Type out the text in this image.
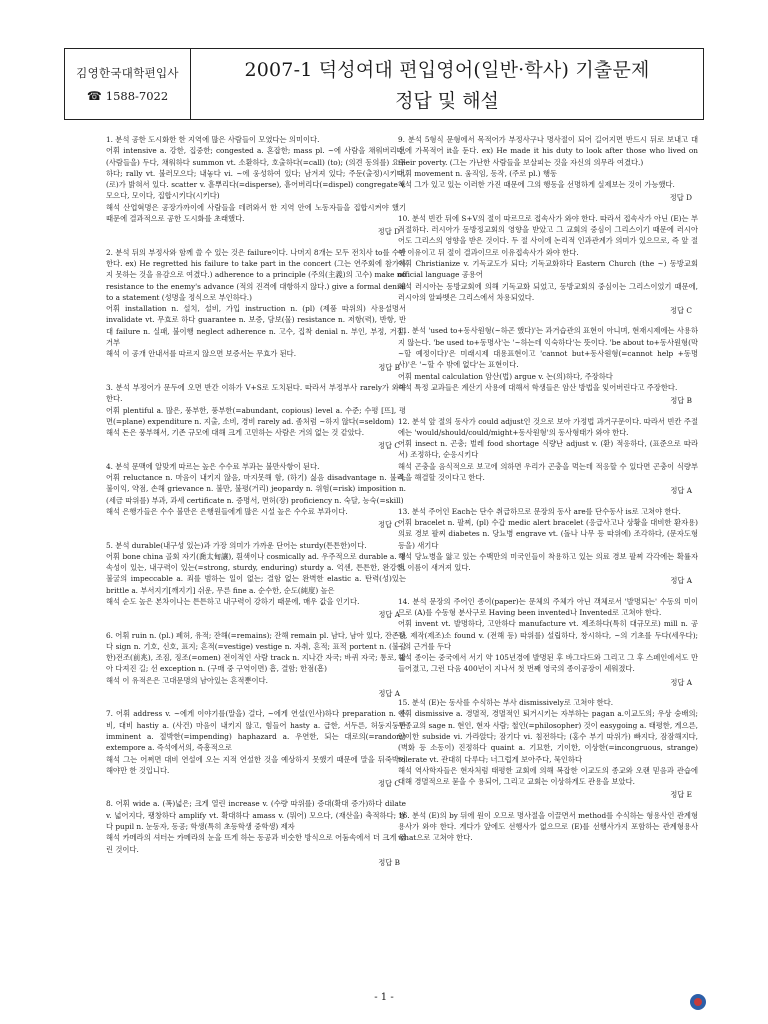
김영한국대학편입사
☎ 1588-7022
2007-1 덕성여대 편입영어(일반·학사) 기출문제
정답 및 해설

1. 분석 공한 도시화한 한 지역에 많은 사람들이 모였다는 의미이다.

어휘 intensive a. 강한, 집중한; congested a. 혼잡한; mass pl. ~에 사람을 채워버리다, (사람들을) 두다, 채워하다 summon vt. 소환하다, 호출하다(=call) (to); (의견 동의를) 요구하다; rally vt. 불러모으다; 내놓다 vi. ~에 웅성하여 있다; 남겨져 있다; 주둔(출정)시키다, (로)가 밝혀서 있다. scatter v. 흩뿌리다(=disperse), 흩어버리다(=dispel) congregate v. 모으다, 모이다, 집합시키다(시키다)

해석 산업혁명은 공장가까이에 사람들을 데려와서 한 지역 안에 노동자들을 집합시켜야 했기 때문에 결과적으로 공한 도시화를 초래했다.

정답 D

2. 분석 뒤의 부정사와 함께 쓸 수 있는 것은 failure이다. 나머지 8개는 모두 전치사 to를 수반한다. ex) He regretted his failure to take part in the concert (그는 연주회에 참가하지 못하는 것을 유감으로 여겼다.) adherence to a principle (주의(主義)의 고수) make no resistance to the enemy's advance (적의 진격에 대항하지 않다.) give a formal denial to a statement (성명을 정식으로 부인하다.)

어휘 installation n. 설치, 설비, 가입 instruction n. (pl) (제품 따위의) 사용설명서 invalidate vt. 무효로 하다 guarantee n. 보증, 담보(물) resistance n. 저항(력), 반항, 반대 failure n. 실패, 불이행 neglect adherence n. 고수, 집착 denial n. 부인, 부정, 거절, 거부

해석 이 공개 안내서를 따르지 않으면 보증서는 무효가 된다.

정답 B

3. 분석 부정어가 문두에 오면 반간 이하가 V+S로 도치된다. 따라서 부정부사 rarely가 와야 한다.

어휘 plentiful a. 많은, 풍부한, 풍부한(=abundant, copious) level a. 수준; 수평 [뜨], 평면(=plane) expenditure n. 지출, 소비, 경비 rarely ad. 좀처럼 ~하지 않다(=seldom)

해석 돈은 풍부해서, 기존 규모에 대해 크게 고민하는 사람은 거의 없는 것 같았다.

정답 C

4. 분석 문맥에 알맞게 따르는 높은 수수료 부과는 불만사항이 된다.

어휘 reluctance n. 마음이 내키지 않음, 마지못해 함, (하기) 싫음 disadvantage n. 불리, 불이익, 약점, 손해 grievance n. 불만, 불평(거리) jeopardy n. 위험(=risk) imposition n. (세금 따위를) 부과, 과세 certificate n. 증명서, 면허(장) proficiency n. 숙달, 능숙(=skill)

해석 은행가들은 수수 불만은 은행원들에게 많은 시설 높은 수수료 부과이다.

정답 C

5. 분석 durable(내구성 있는)과 가장 의미가 가까운 단어는 sturdy(튼튼한)이다.

어휘 bone china 골회 자기(喬太甸讓), 흰색이나 cosmically ad. 우주적으로 durable a. 영속성이 있는, 내구력이 있는(=strong, sturdy, enduring) sturdy a. 억센, 튼튼한, 완강한, 불굴의 impeccable a. 죄를 범하는 일이 없는; 결함 없는 완벽한 elastic a. 탄력(성)있는 brittle a. 부서지기[깨지기] 쉬운, 무른 fine a. 순수한, 순도(純度) 높은

해석 순도 높은 본차이나는 튼튼하고 내구력이 강하기 때문에, 매우 값을 인기다.

정답 A

6. 어휘 ruin n. (pl.) 폐허, 유적; 잔해(=remains); 잔해 remain pl. 남다, 남아 있다, 잔존하다 sign n. 기호, 신호, 표지; 흔적(=vestige) vestige n. 자취, 흔적; 표적 portent n. (불길한)전조(前兆), 조짐, 징조(=omen) 전이적인 사람 track n. 지나간 자국; 바퀴 자국; 통로, 밟아 다져진 길; 선 exception n. (구매 중 구역이면) 흠, 결함; 한점(흠)

해석 이 유적은은 고대문명의 남아있는 흔적뿐이다.

정답 A

7. 어휘 address v. ~에게 이야기를(말을) 걸다, ~에게 연설(인사)하다 preparation n. 준비, 대비 hastiy a. (사건) 마음이 내키지 않고, 힘들어 hasty a. 급한, 서두른, 허둥지둥한 imminent a. 절박한(=impending) haphazard a. 우연한, 되는 대로의(=random) extempore a. 즉석에서의, 즉흥적으로

해석 그는 어쩌면 대비 연설에 오는 지적 연설한 것을 예상하지 못했기 때문에 말을 뒤죽박이 해야만 한 것입니다.

정답 C

8. 어휘 wide a. (폭)넓은; 크게 열린 increase v. (수량 따위를) 증대(확대 증가)하다 dilate v. 넓어지다, 팽창하다 amplify vt. 확대하다 amass v. (뭐어) 모으다, (재산을) 축적하다; 쌓다 pupil n. 눈동자, 동공; 학생(특히 초등학생 중학생) 제자

해석 카메라의 셔터는 카메라의 눈을 뜨게 하는 동공과 비슷한 방식으로 어둠속에서 더 크게 열린 것이다.

정답 B

9. 분석 5형식 문형에서 목적어가 부정사구나 명사절이 되어 길어지면 반드시 뒤로 보내고 대신에 가목적어 it을 둔다. ex) He made it his duty to look after those who lived on their poverty. (그는 가난한 사람들을 보살피는 것을 자신의 의무라 여겼다.)

어휘 movement n. 움직임, 동작, (주로 pl.) 행동

해석 그가 있고 있는 이러한 가진 때문에 그의 행동을 선명하게 실제보는 것이 가능했다.

정답 D

10. 분석 빈칸 뒤에 S+V의 절이 따르므로 접속사가 와야 한다. 따라서 접속사가 아닌 (E)는 부적절하다. 러시아가 동방정교회의 영향을 받았고 그 교회의 중심이 그리스이기 때문에 러시아어도 그리스의 영향을 받은 것이다. 두 절 사이에 논리적 인과관계가 의미가 있으므로, 즉 앞 절이 이유이고 뒤 절이 결과이므로 이유접속사가 와야 한다.

어휘 Christianize v. 기독교도가 되다; 기독교화하다 Eastern Church (the ~) 동방교회 official language 공용어

해석 러시아는 동방교회에 의해 기독교화 되었고, 동방교회의 중심이는 그리스이었기 때문에, 러시아의 알파벳은 그리스에서 차용되었다.

정답 C

11. 분석 'used to+동사원형(~하곤 했다)'는 과거습관의 표현이 아니며, 현재시제에는 사용하지 않는다. 'be used to+동명사'는 '~하는데 익숙하다'는 뜻이다. 'be about to+동사원형(막 ~할 예정이다)'은 미래시제 대용표현이고 'cannot but+동사원형(=cannot help +동명사)'은 '~할 수 밖에 없다'는 표현이다.

어휘 mental calculation 암산(법) argue v. 논(의)하다, 주장하다

해석 특정 교과들은 계산기 사용에 대해서 학생들은 암산 방법을 잊어버린다고 주장한다.

정답 B

12. 분석 앞 절의 동사가 could adjust인 것으로 보아 가정법 과거구문이다. 따라서 빈칸 주절에는 'would/should/could/might+동사원형'의 동사형태가 와야 한다.

어휘 insect n. 곤충; 벌레 food shortage 식량난 adjust v. (환) 적응하다, (표준으로 따라서) 조정하다, 순응시키다

해석 곤충을 음식적으로 보고에 의하면 우리가 곤충을 먹는데 적응할 수 있다면 곤충이 식량부족을 해결할 것이다고 한다.

정답 A

13. 분석 주어인 Each는 단수 취급하므로 문장의 동사 are를 단수동사 is로 고쳐야 한다.

어휘 bracelet n. 팔찌, (pl) 수갑 medic alert bracelet (응급사고나 상황을 대비한 환자용) 의료 경보 팔찌 diabetes n. 당뇨병 engrave vt. (돌나 나무 등 따위에) 조각하다, (문자도형 등을) 새기다

해석 당뇨병을 앓고 있는 수백만의 미국인들이 착용하고 있는 의료 경보 팔찌 각각에는 확률자의 이름이 새겨져 있다.

정답 A

14. 분석 문장의 주어인 종이(paper)는 문체의 주체가 아닌 객체로서 '발명되는' 수동의 미이므로 (A)를 수동형 분사구로 Having been invented나 Invented로 고쳐야 한다.

어휘 invent vt. 발명하다, 고안하다 manufacture vt. 제조하다(특히 대규모로) mill n. 공장, 제작(제조)소 found v. (전해 등) 따위를) 설립하다, 창시하다, ~의 기초를 두다(세우다); ~의 근거를 두다

해석 종이는 중국에서 서기 약 105년경에 발명된 후 바그다드와 그리고 그 후 스페인에서도 만들어졌고, 그런 다음 400년이 지나서 첫 번째 영국의 종이공장이 세워졌다.

정답 A

15. 분석 (E)는 동사를 수식하는 부사 dismissively로 고쳐야 한다.

어휘 dismissive a. 경멸적, 경멸적인 퇴거시키는 자부하는 pagan a.이교도의; 우상 숭배의; 무종교의 sage n. 현인, 현자 사람; 철인(=philosopher) 것이 easygoing a. 태평한, 게으른, 안이한 subside vi. 가라앉다; 잠기다 vi. 침전하다; (홍수 부기 따위가) 빠지다, 잠잠해지다, (벽화 등 소동이) 진정하다 quaint a. 기묘한, 기이한, 이상한(=incongruous, strange) tolerate vt. 관대히 다루다; 너그럽게 보아주다, 묵인하다

해석 역사학자들은 현자처럼 태평한 교회에 의해 복잡한 이교도의 종교와 오랜 믿음과 관습에 대해 경멸적으로 묻을 수 용되어, 그리고 교회는 이상하게도 관용을 보았다.

정답 E

16. 분석 (E)의 by 뒤에 원이 오므로 명사절을 이끌면서 method를 수식하는 형용사인 관계형용사가 와야 한다. 게다가 앞에도 선행사가 없으므로 (E)를 선행사가지 포함하는 관계형용사 what으로 고쳐야 한다.

- 1 -
